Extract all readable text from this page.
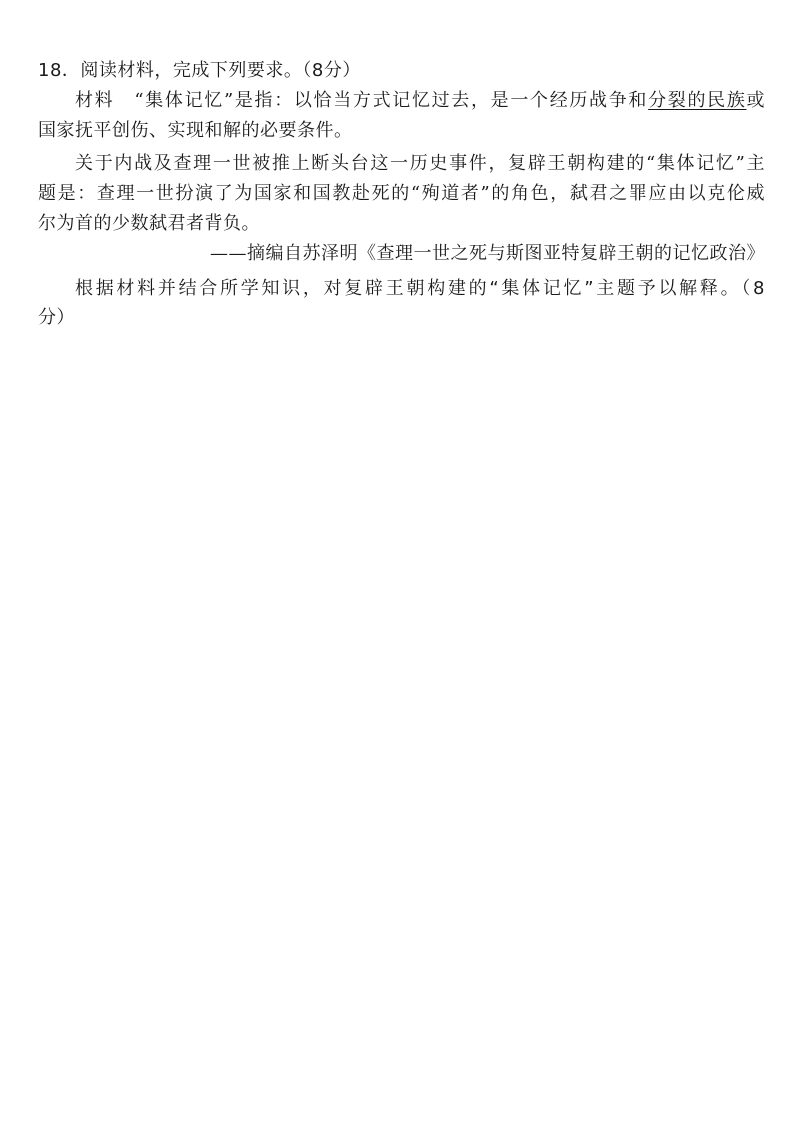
18．阅读材料，完成下列要求。（8分）
材料 “集体记忆”是指：以恰当方式记忆过去，是一个经历战争和分裂的民族或
国家抚平创伤、实现和解的必要条件。
关于内战及查理一世被推上断头台这一历史事件，复辟王朝构建的“集体记忆”主
题是：查理一世扮演了为国家和国教赴死的“殉道者”的角色，弑君之罪应由以克伦威
尔为首的少数弑君者背负。
——摘编自苏泽明《查理一世之死与斯图亚特复辟王朝的记忆政治》
根据材料并结合所学知识，对复辟王朝构建的“集体记忆”主题予以解释。（8
分）
